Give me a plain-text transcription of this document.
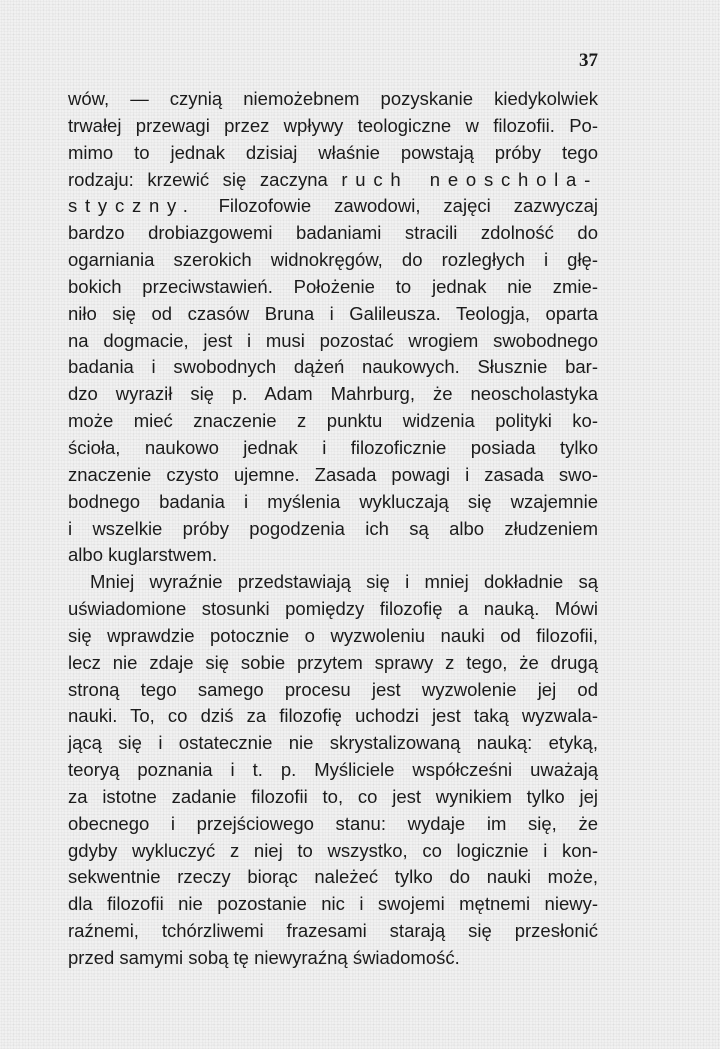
37
wów, — czynią niemożebnem pozyskanie kiedykolwiek
trwałej przewagi przez wpływy teologiczne w filozofii. Po-
mimo to jednak dzisiaj właśnie powstają próby tego
rodzaju: krzewić się zaczyna ruch neoschola-
styczny. Filozofowie zawodowi, zajęci zazwyczaj
bardzo drobiazgowemi badaniami stracili zdolność do
ogarniania szerokich widnokręgów, do rozległych i głę-
bokich przeciwstawień. Położenie to jednak nie zmie-
niło się od czasów Bruna i Galileusza. Teologja, oparta
na dogmacie, jest i musi pozostać wrogiem swobodnego
badania i swobodnych dążeń naukowych. Słusznie bar-
dzo wyraził się p. Adam Mahrburg, że neoscholastyka
może mieć znaczenie z punktu widzenia polityki ko-
ścioła, naukowo jednak i filozoficznie posiada tylko
znaczenie czysto ujemne. Zasada powagi i zasada swo-
bodnego badania i myślenia wykluczają się wzajemnie
i wszelkie próby pogodzenia ich są albo złudzeniem
albo kuglarstwem.
Mniej wyraźnie przedstawiają się i mniej dokładnie są
uświadomione stosunki pomiędzy filozofię a nauką. Mówi
się wprawdzie potocznie o wyzwoleniu nauki od filozofii,
lecz nie zdaje się sobie przytem sprawy z tego, że drugą
stroną tego samego procesu jest wyzwolenie jej od
nauki. To, co dziś za filozofię uchodzi jest taką wyzwala-
jącą się i ostatecznie nie skrystalizowaną nauką: etyką,
teoryą poznania i t. p. Myśliciele współcześni uważają
za istotne zadanie filozofii to, co jest wynikiem tylko jej
obecnego i przejściowego stanu: wydaje im się, że
gdyby wykluczyć z niej to wszystko, co logicznie i kon-
sekwentnie rzeczy biorąc należeć tylko do nauki może,
dla filozofii nie pozostanie nic i swojemi mętnemi niewy-
raźnemi, tchórzliwemi frazesami starają się przesłonić
przed samymi sobą tę niewyraźną świadomość.
